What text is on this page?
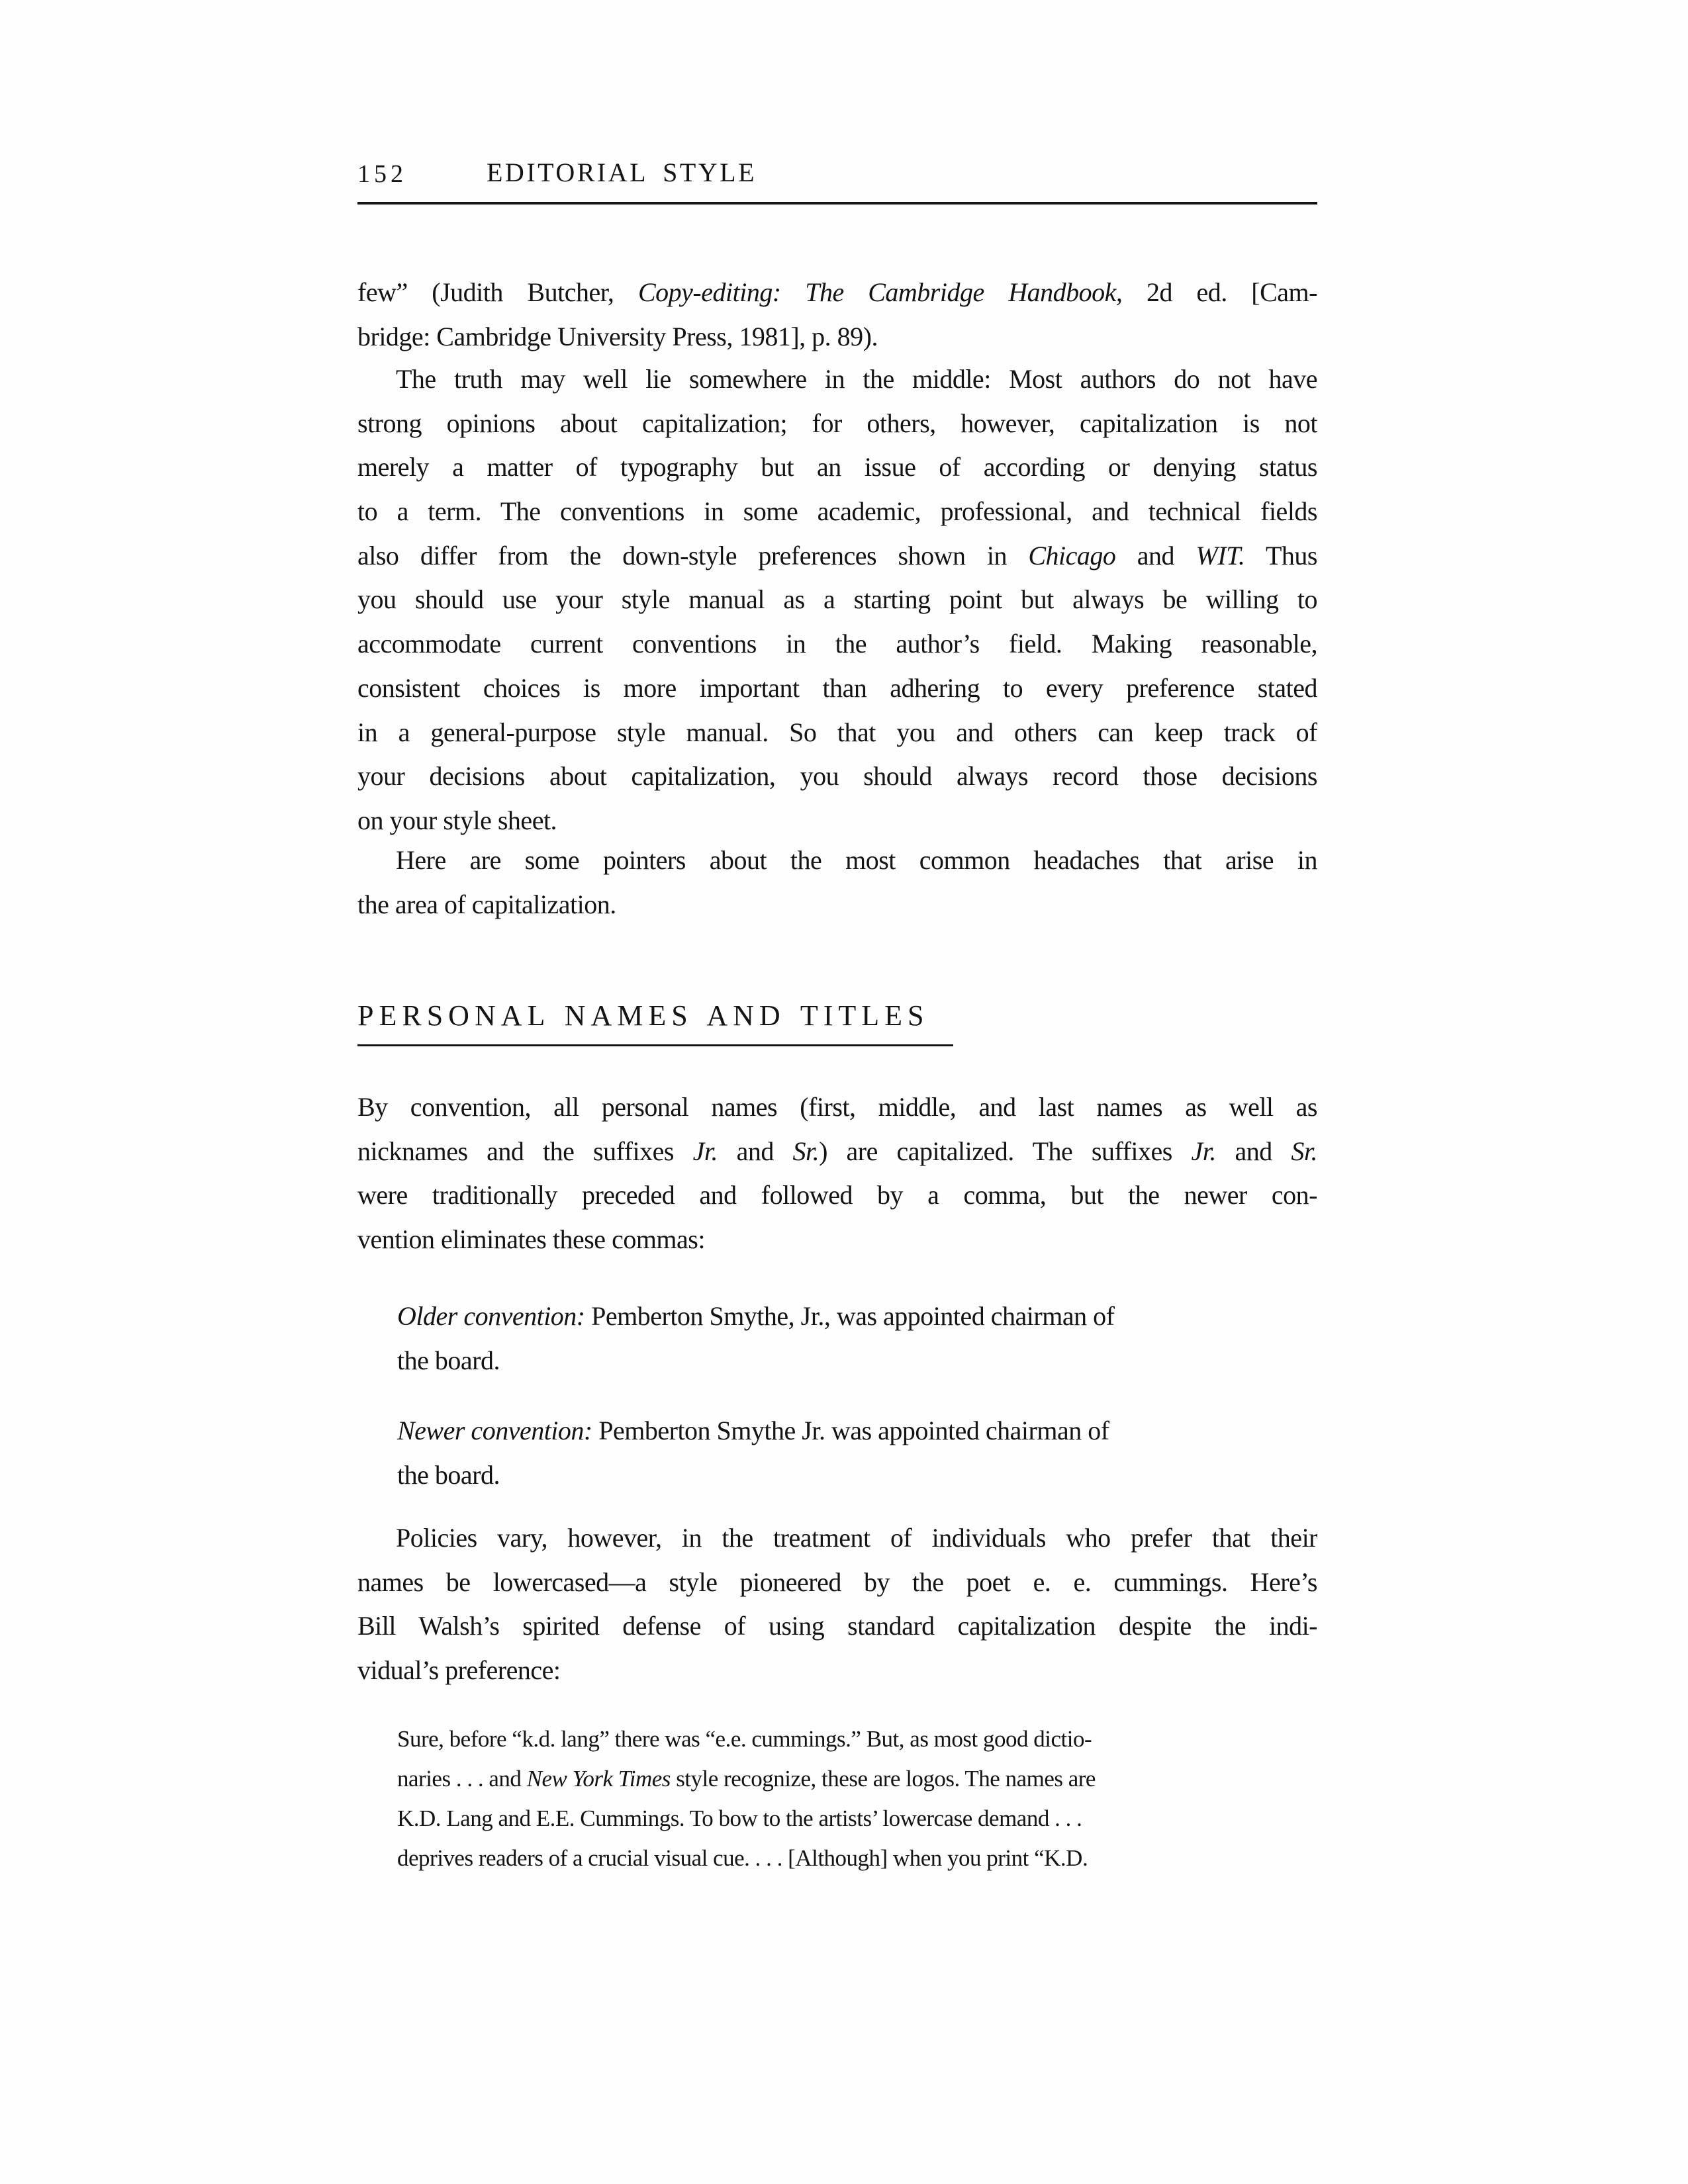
152	EDITORIAL STYLE
PERSONAL NAMES AND TITLES
few” (Judith Butcher, Copy-editing: The Cambridge Handbook, 2d ed. [Cam-
bridge: Cambridge University Press, 1981], p. 89).
The truth may well lie somewhere in the middle: Most authors do not have
strong opinions about capitalization; for others, however, capitalization is not
merely a matter of typography but an issue of according or denying status
to a term. The conventions in some academic, professional, and technical fields
also differ from the down-style preferences shown in Chicago and WIT. Thus
you should use your style manual as a starting point but always be willing to
accommodate current conventions in the author’s field. Making reasonable,
consistent choices is more important than adhering to every preference stated
in a general-purpose style manual. So that you and others can keep track of
your decisions about capitalization, you should always record those decisions
on your style sheet.
Here are some pointers about the most common headaches that arise in
the area of capitalization.
By convention, all personal names (first, middle, and last names as well as
nicknames and the suffixes Jr. and Sr.) are capitalized. The suffixes Jr. and Sr.
were traditionally preceded and followed by a comma, but the newer con-
vention eliminates these commas:
Older convention: Pemberton Smythe, Jr., was appointed chairman of
the board.
Newer convention: Pemberton Smythe Jr. was appointed chairman of
the board.
Policies vary, however, in the treatment of individuals who prefer that their
names be lowercased—a style pioneered by the poet e. e. cummings. Here’s
Bill Walsh’s spirited defense of using standard capitalization despite the indi-
vidual’s preference:
Sure, before “k.d. lang” there was “e.e. cummings.” But, as most good dictio-
naries . . . and New York Times style recognize, these are logos. The names are
K.D. Lang and E.E. Cummings. To bow to the artists’ lowercase demand . . .
deprives readers of a crucial visual cue. . . . [Although] when you print “K.D.
